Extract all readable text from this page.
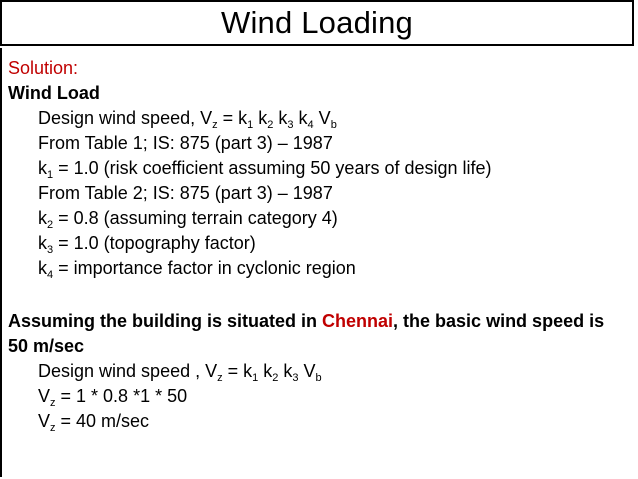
Wind Loading
Solution:
Wind Load
Design wind speed, $V_z = k_1$ $k_2$ $k_3$ $k_4$ $V_b$
From Table 1; IS: 875 (part 3) – 1987
$k_1 = 1.0$ (risk coefficient assuming 50 years of design life)
From Table 2; IS: 875 (part 3) – 1987
$k_2 = 0.8$ (assuming terrain category 4)
$k_3 = 1.0$ (topography factor)
$k_4$ = importance factor in cyclonic region
Assuming the building is situated in Chennai, the basic wind speed is
50 m/sec
Design wind speed , $V_z = k_1$ $k_2$ $k_3$ $V_b$
$V_z = 1 * 0.8$ *1 * 50
$V_z = 40$ m/sec
